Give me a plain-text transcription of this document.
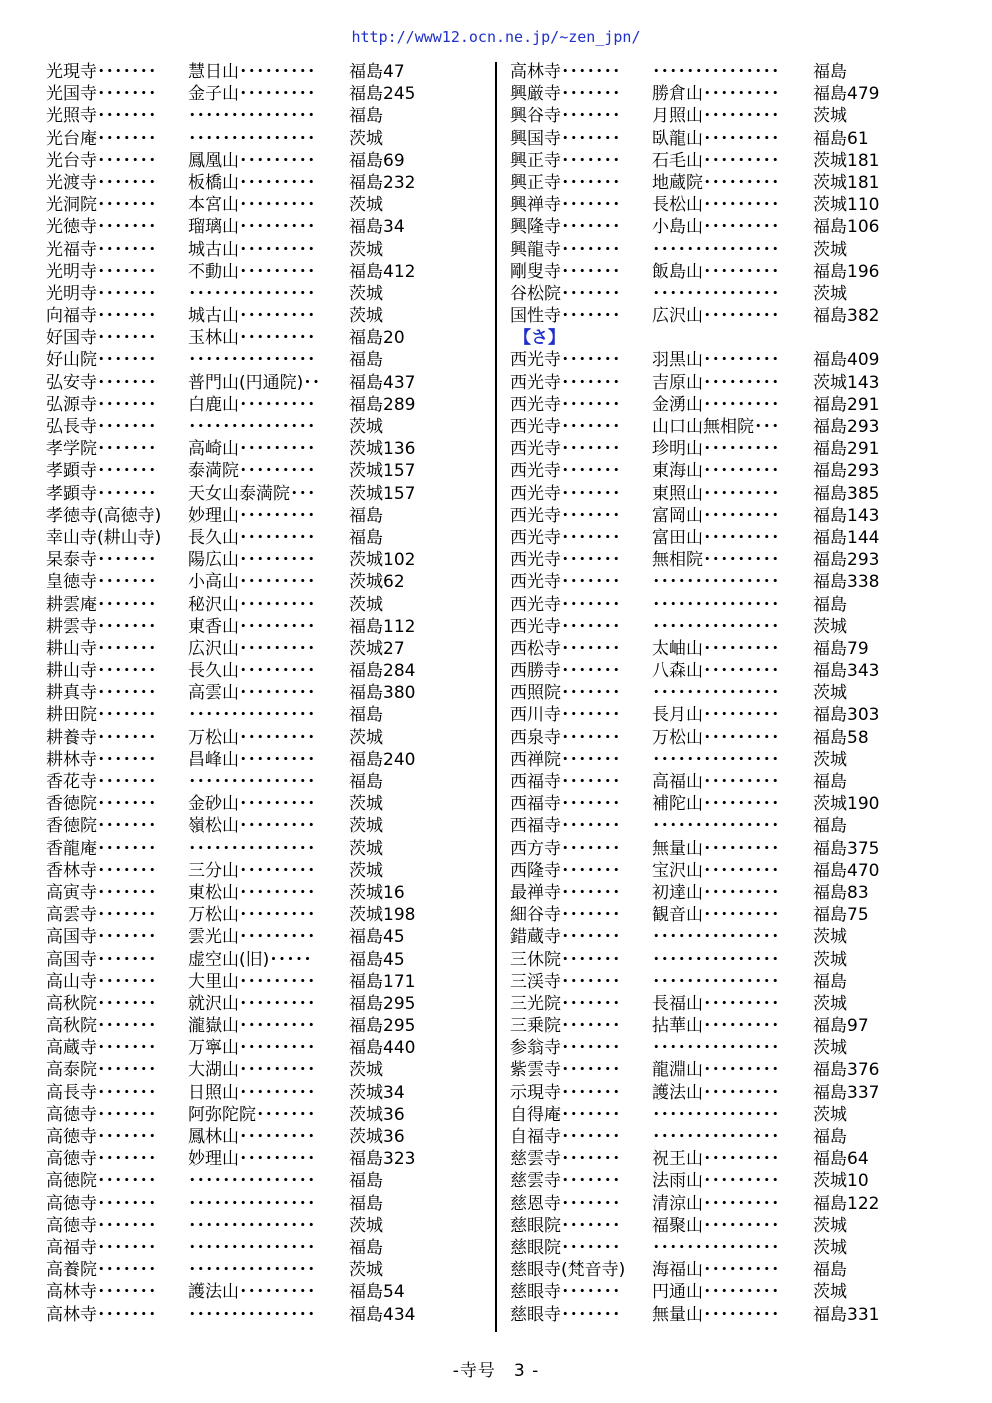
http://www12.ocn.ne.jp/~zen_jpn/
光現寺･･･････	慧日山･････････	福島47
光国寺･･･････	金子山･････････	福島245
光照寺･･･････	･･･････････････	福島
光台庵･･･････	･･･････････････	茨城
光台寺･･･････	鳳凰山･････････	福島69
光渡寺･･･････	板橋山･････････	福島232
光洞院･･･････	本宮山･････････	茨城
光徳寺･･･････	瑠璃山･････････	福島34
光福寺･･･････	城古山･････････	茨城
光明寺･･･････	不動山･････････	福島412
光明寺･･･････	･･･････････････	茨城
向福寺･･･････	城古山･････････	茨城
好国寺･･･････	玉林山･････････	福島20
好山院･･･････	･･･････････････	福島
弘安寺･･･････	普門山(円通院)･･	福島437
弘源寺･･･････	白鹿山･････････	福島289
弘長寺･･･････	･･･････････････	茨城
孝学院･･･････	高崎山･････････	茨城136
孝顕寺･･･････	泰満院･････････	茨城157
孝顕寺･･･････	天女山泰満院･･･	茨城157
孝徳寺(高徳寺)	妙理山･････････	福島
幸山寺(耕山寺)	長久山･････････	福島
杲泰寺･･･････	陽広山･････････	茨城102
皇徳寺･･･････	小高山･････････	茨城62
耕雲庵･･･････	秘沢山･････････	茨城
耕雲寺･･･････	東香山･････････	福島112
耕山寺･･･････	広沢山･････････	茨城27
耕山寺･･･････	長久山･････････	福島284
耕真寺･･･････	高雲山･････････	福島380
耕田院･･･････	･･･････････････	福島
耕養寺･･･････	万松山･････････	茨城
耕林寺･･･････	昌峰山･････････	福島240
香花寺･･･････	･･･････････････	福島
香徳院･･･････	金砂山･････････	茨城
香徳院･･･････	嶺松山･････････	茨城
香龍庵･･･････	･･･････････････	茨城
香林寺･･･････	三分山･････････	茨城
高寅寺･･･････	東松山･････････	茨城16
高雲寺･･･････	万松山･････････	茨城198
高国寺･･･････	雲光山･････････	福島45
高国寺･･･････	虚空山(旧)･････	福島45
高山寺･･･････	大里山･････････	福島171
高秋院･･･････	就沢山･････････	福島295
高秋院･･･････	瀧嶽山･････････	福島295
高蔵寺･･･････	万寧山･････････	福島440
高泰院･･･････	大湖山･････････	茨城
高長寺･･･････	日照山･････････	茨城34
高徳寺･･･････	阿弥陀院･･･････	茨城36
高徳寺･･･････	鳳林山･････････	茨城36
高徳寺･･･････	妙理山･････････	福島323
高徳院･･･････	･･･････････････	福島
高徳寺･･･････	･･･････････････	福島
高徳寺･･･････	･･･････････････	茨城
高福寺･･･････	･･･････････････	福島
高養院･･･････	･･･････････････	茨城
高林寺･･･････	護法山･････････	福島54
高林寺･･･････	･･･････････････	福島434
高林寺･･･････	･･･････････････	福島
興厳寺･･･････	勝倉山･････････	福島479
興谷寺･･･････	月照山･････････	茨城
興国寺･･･････	臥龍山･････････	福島61
興正寺･･･････	石毛山･････････	茨城181
興正寺･･･････	地蔵院･････････	茨城181
興禅寺･･･････	長松山･････････	茨城110
興隆寺･･･････	小島山･････････	福島106
興龍寺･･･････	･･･････････････	茨城
剛叟寺･･･････	飯島山･････････	福島196
谷松院･･･････	･･･････････････	茨城
国性寺･･･････	広沢山･････････	福島382
【さ】
西光寺･･･････	羽黒山･････････	福島409
西光寺･･･････	吉原山･････････	茨城143
西光寺･･･････	金湧山･････････	福島291
西光寺･･･････	山口山無相院･･･	福島293
西光寺･･･････	珍明山･････････	福島291
西光寺･･･････	東海山･････････	福島293
西光寺･･･････	東照山･････････	福島385
西光寺･･･････	富岡山･････････	福島143
西光寺･･･････	富田山･････････	福島144
西光寺･･･････	無相院･････････	福島293
西光寺･･･････	･･･････････････	福島338
西光寺･･･････	･･･････････････	福島
西光寺･･･････	･･･････････････	茨城
西松寺･･･････	太岫山･････････	福島79
西勝寺･･･････	八森山･････････	福島343
西照院･･･････	･･･････････････	茨城
西川寺･･･････	長月山･････････	福島303
西泉寺･･･････	万松山･････････	福島58
西禅院･･･････	･･･････････････	茨城
西福寺･･･････	高福山･････････	福島
西福寺･･･････	補陀山･････････	茨城190
西福寺･･･････	･･･････････････	福島
西方寺･･･････	無量山･････････	福島375
西隆寺･･･････	宝沢山･････････	福島470
最禅寺･･･････	初達山･････････	福島83
細谷寺･･･････	観音山･････････	福島75
錯蔵寺･･･････	･･･････････････	茨城
三休院･･･････	･･･････････････	茨城
三渓寺･･･････	･･･････････････	福島
三光院･･･････	長福山･････････	茨城
三乗院･･･････	拈華山･････････	福島97
参翁寺･･･････	･･･････････････	茨城
紫雲寺･･･････	龍淵山･････････	福島376
示現寺･･･････	護法山･････････	福島337
自得庵･･･････	･･･････････････	茨城
自福寺･･･････	･･･････････････	福島
慈雲寺･･･････	祝王山･････････	福島64
慈雲寺･･･････	法雨山･････････	茨城10
慈恩寺･･･････	清涼山･････････	福島122
慈眼院･･･････	福聚山･････････	茨城
慈眼院･･･････	･･･････････････	茨城
慈眼寺(梵音寺)	海福山･････････	福島
慈眼寺･･･････	円通山･････････	茨城
慈眼寺･･･････	無量山･････････	福島331
-寺号　3 -
